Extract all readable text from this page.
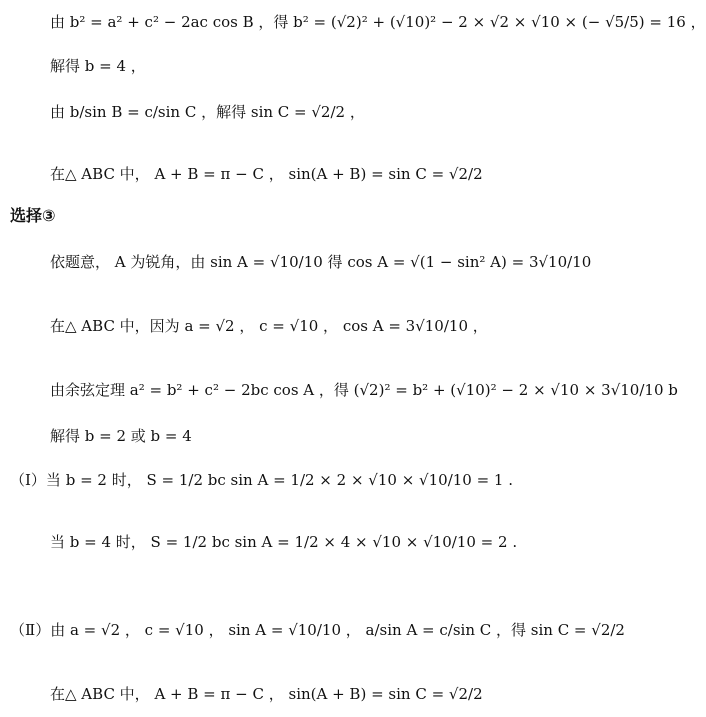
由 b² = a² + c² − 2ac cos B ，得 b² = (√2)² + (√10)² − 2 × √2 × √10 × (− √5/5) = 16 ，
解得 b = 4 ，
由 b/sin B = c/sin C ，解得 sin C = √2/2 ，
在△ ABC 中， A + B = π − C ， sin(A + B) = sin C = √2/2
选择③
依题意， A 为锐角，由 sin A = √10/10 得 cos A = √(1 − sin² A) = 3√10/10
在△ ABC 中，因为 a = √2 ， c = √10 ， cos A = 3√10/10 ，
由余弦定理 a² = b² + c² − 2bc cos A ，得 (√2)² = b² + (√10)² − 2 × √10 × 3√10/10 b
解得 b = 2 或 b = 4
（Ⅰ）当 b = 2 时， S = 1/2 bc sin A = 1/2 × 2 × √10 × √10/10 = 1 .
当 b = 4 时， S = 1/2 bc sin A = 1/2 × 4 × √10 × √10/10 = 2 .
（Ⅱ）由 a = √2 ， c = √10 ， sin A = √10/10 ， a/sin A = c/sin C ，得 sin C = √2/2
在△ ABC 中， A + B = π − C ， sin(A + B) = sin C = √2/2
